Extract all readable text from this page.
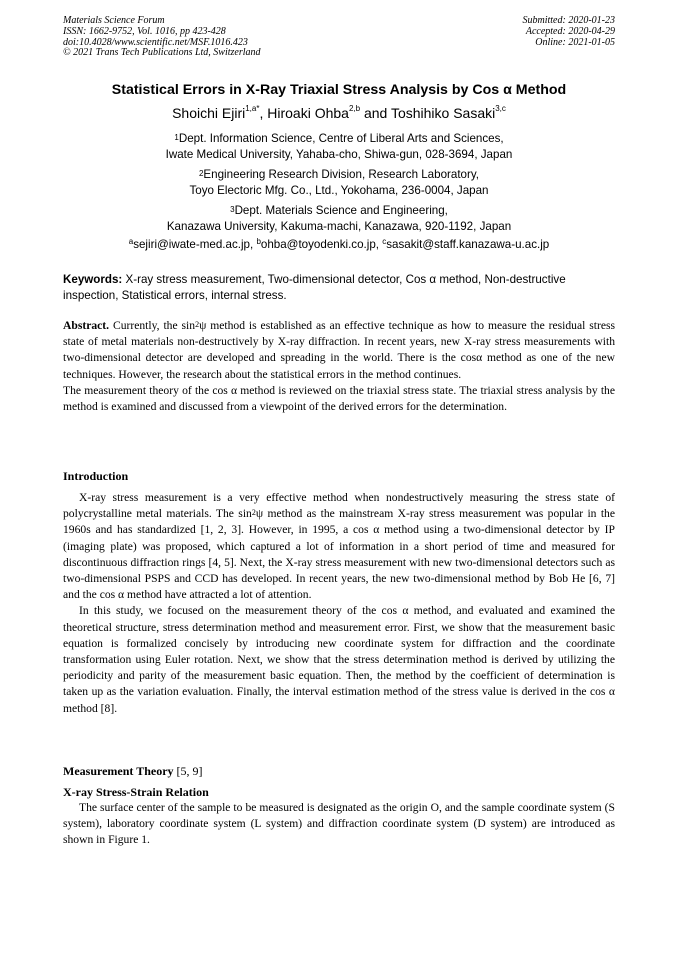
Materials Science Forum
ISSN: 1662-9752, Vol. 1016, pp 423-428
doi:10.4028/www.scientific.net/MSF.1016.423
© 2021 Trans Tech Publications Ltd, Switzerland
Submitted: 2020-01-23
Accepted: 2020-04-29
Online: 2021-01-05
Statistical Errors in X-Ray Triaxial Stress Analysis by Cos α Method
Shoichi Ejiri$^{1,a*}$, Hiroaki Ohba$^{2,b}$ and Toshihiko Sasaki$^{3,c}$
$^1$Dept. Information Science, Centre of Liberal Arts and Sciences,
Iwate Medical University, Yahaba-cho, Shiwa-gun, 028-3694, Japan
$^2$Engineering Research Division, Research Laboratory,
Toyo Electoric Mfg. Co., Ltd., Yokohama, 236-0004, Japan
$^3$Dept. Materials Science and Engineering,
Kanazawa University, Kakuma-machi, Kanazawa, 920-1192, Japan
$^a$sejiri@iwate-med.ac.jp, $^b$ohba@toyodenki.co.jp, $^c$sasakit@staff.kanazawa-u.ac.jp
Keywords: X-ray stress measurement, Two-dimensional detector, Cos α method, Non-destructive inspection, Statistical errors, internal stress.

Abstract. Currently, the $\sin^2\psi$ method is established as an effective technique as how to measure the residual stress state of metal materials non-destructively by X-ray diffraction. In recent years, new X-ray stress measurements with two-dimensional detector are developed and spreading in the world. There is the cosα method as one of the new techniques. However, the research about the statistical errors in the method continues.

The measurement theory of the cos α method is reviewed on the triaxial stress state. The triaxial stress analysis by the method is examined and discussed from a viewpoint of the derived errors for the determination.

Introduction

X-ray stress measurement is a very effective method when nondestructively measuring the stress state of polycrystalline metal materials. The $\sin^2\psi$ method as the mainstream X-ray stress measurement was popular in the 1960s and has standardized [1, 2, 3]. However, in 1995, a cos α method using a two-dimensional detector by IP (imaging plate) was proposed, which captured a lot of information in a short period of time and measured for discontinuous diffraction rings [4, 5]. Next, the X-ray stress measurement with new two-dimensional detectors such as two-dimensional PSPS and CCD has developed. In recent years, the new two-dimensional method by Bob He [6, 7] and the cos α method have attracted a lot of attention.

In this study, we focused on the measurement theory of the cos α method, and evaluated and examined the theoretical structure, stress determination method and measurement error. First, we show that the measurement basic equation is formalized concisely by introducing new coordinate system for diffraction and the coordinate transformation using Euler rotation. Next, we show that the stress determination method is derived by utilizing the periodicity and parity of the measurement basic equation. Then, the method by the coefficient of determination is taken up as the variation evaluation. Finally, the interval estimation method of the stress value is derived in the cos α method [8].

Measurement Theory [5, 9]
X-ray Stress-Strain Relation

The surface center of the sample to be measured is designated as the origin O, and the sample coordinate system (S system), laboratory coordinate system (L system) and diffraction coordinate system (D system) are introduced as shown in Figure 1.
